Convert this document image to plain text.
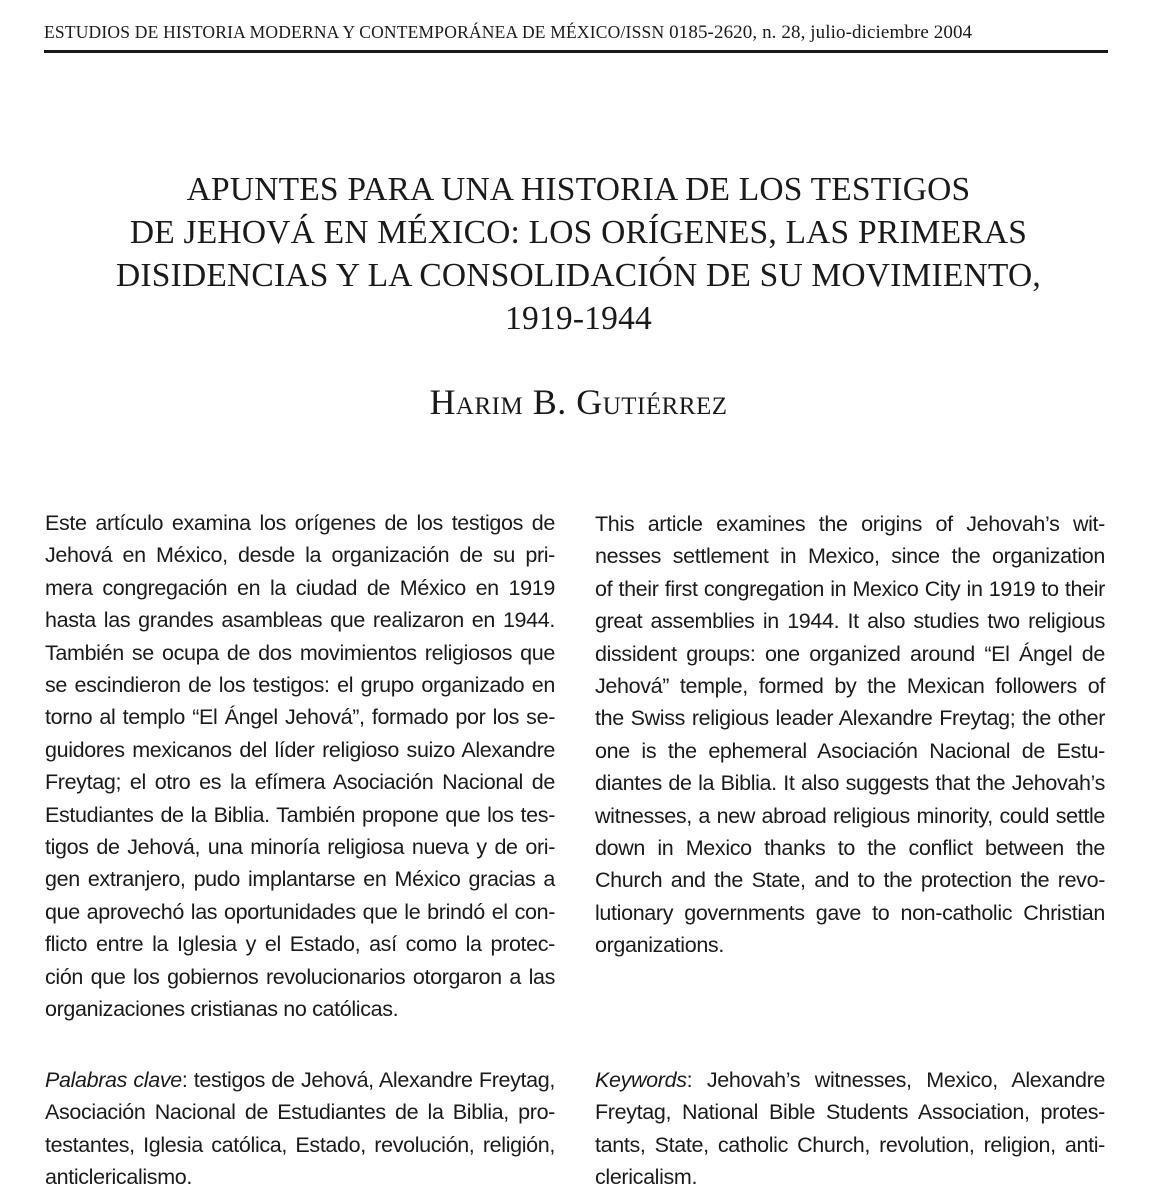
ESTUDIOS DE HISTORIA MODERNA Y CONTEMPORÁNEA DE MÉXICO/ISSN 0185-2620, n. 28, julio-diciembre 2004
APUNTES PARA UNA HISTORIA DE LOS TESTIGOS
DE JEHOVÁ EN MÉXICO: LOS ORÍGENES, LAS PRIMERAS
DISIDENCIAS Y LA CONSOLIDACIÓN DE SU MOVIMIENTO,
1919-1944
Harim B. Gutiérrez
Este artículo examina los orígenes de los testigos de
Jehová en México, desde la organización de su pri-
mera congregación en la ciudad de México en 1919
hasta las grandes asambleas que realizaron en 1944.
También se ocupa de dos movimientos religiosos que
se escindieron de los testigos: el grupo organizado en
torno al templo “El Ángel Jehová”, formado por los se-
guidores mexicanos del líder religioso suizo Alexandre
Freytag; el otro es la efímera Asociación Nacional de
Estudiantes de la Biblia. También propone que los tes-
tigos de Jehová, una minoría religiosa nueva y de ori-
gen extranjero, pudo implantarse en México gracias a
que aprovechó las oportunidades que le brindó el con-
flicto entre la Iglesia y el Estado, así como la protec-
ción que los gobiernos revolucionarios otorgaron a las
organizaciones cristianas no católicas.
This article examines the origins of Jehovah’s wit-
nesses settlement in Mexico, since the organization
of their first congregation in Mexico City in 1919 to their
great assemblies in 1944. It also studies two religious
dissident groups: one organized around “El Ángel de
Jehová” temple, formed by the Mexican followers of
the Swiss religious leader Alexandre Freytag; the other
one is the ephemeral Asociación Nacional de Estu-
diantes de la Biblia. It also suggests that the Jehovah’s
witnesses, a new abroad religious minority, could settle
down in Mexico thanks to the conflict between the
Church and the State, and to the protection the revo-
lutionary governments gave to non-catholic Christian
organizations.
Palabras clave: testigos de Jehová, Alexandre Freytag,
Asociación Nacional de Estudiantes de la Biblia, pro-
testantes, Iglesia católica, Estado, revolución, religión,
anticlericalismo.
Keywords: Jehovah’s witnesses, Mexico, Alexandre
Freytag, National Bible Students Association, protes-
tants, State, catholic Church, revolution, religion, anti-
clericalism.
